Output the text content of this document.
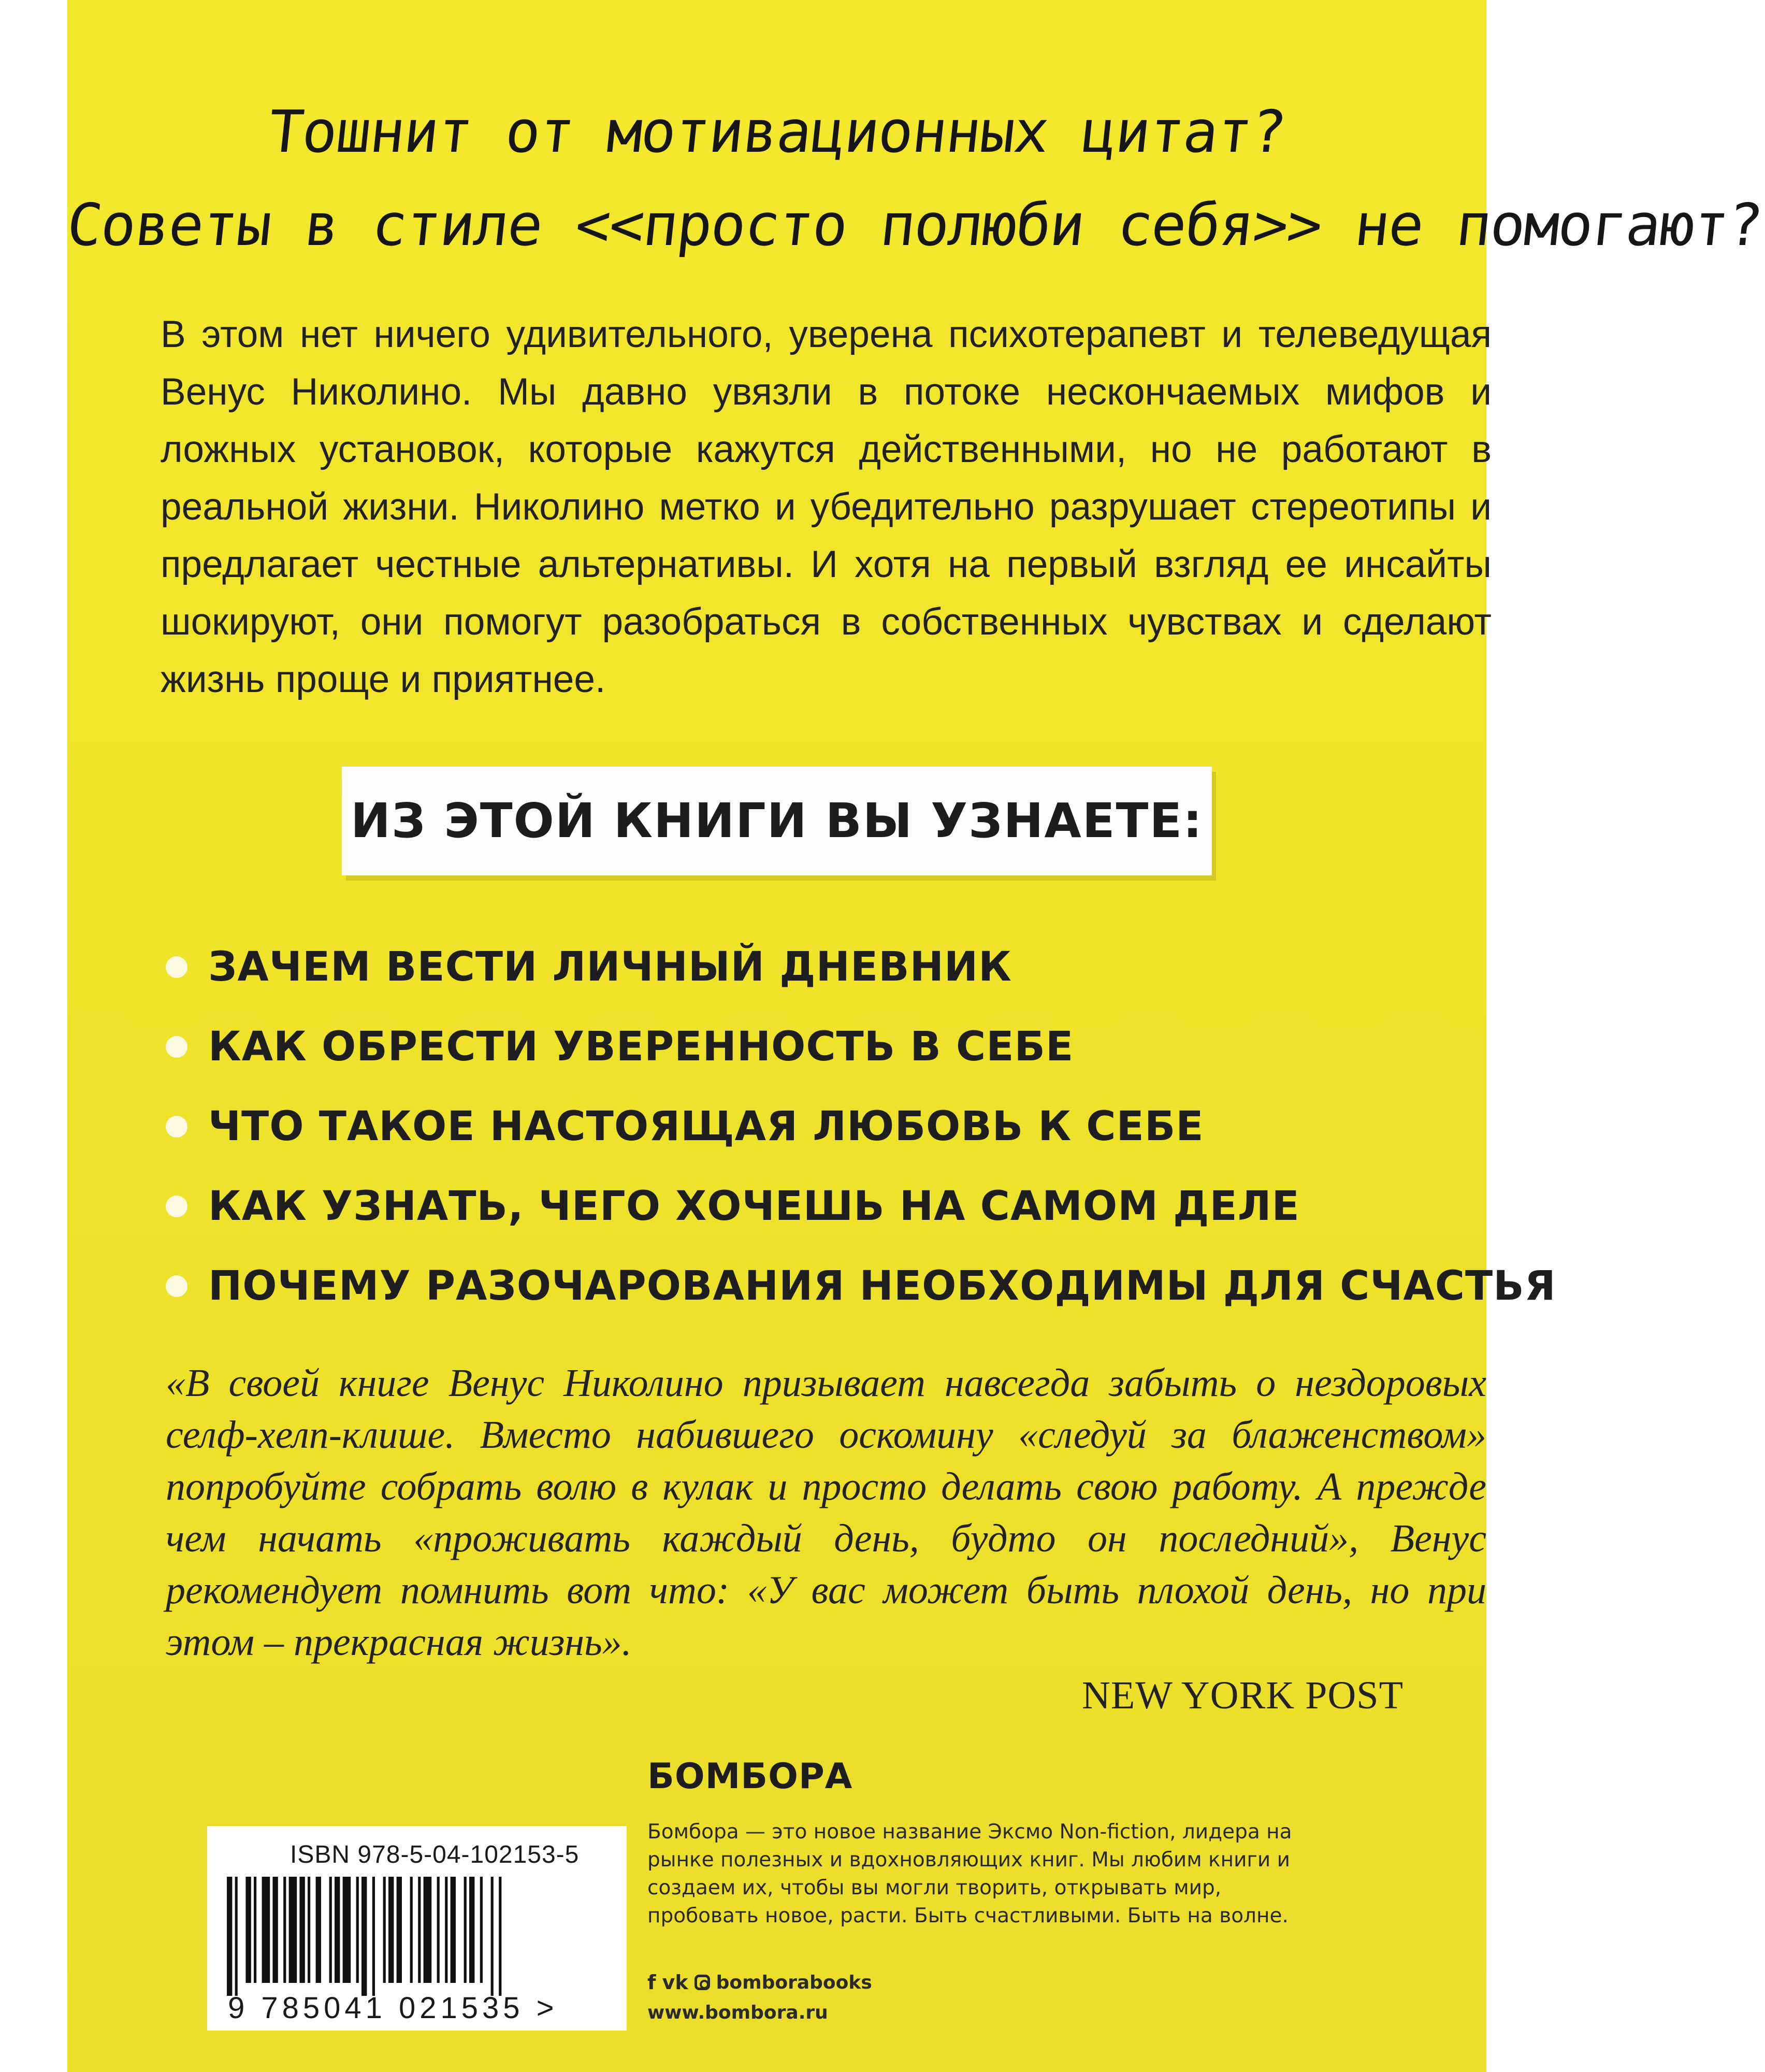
Тошнит от мотивационных цитат?
Советы в стиле <<просто полюби себя>> не помогают?
В этом нет ничего удивительного, уверена психотерапевт и телеведущая Венус Николино. Мы давно увязли в потоке нескончаемых мифов и ложных установок, которые кажутся действенными, но не работают в реальной жизни. Николино метко и убедительно разрушает стереотипы и предлагает честные альтернативы. И хотя на первый взгляд ее инсайты шокируют, они помогут разобраться в собственных чувствах и сделают жизнь проще и приятнее.
ИЗ ЭТОЙ КНИГИ ВЫ УЗНАЕТЕ:
ЗАЧЕМ ВЕСТИ ЛИЧНЫЙ ДНЕВНИК
КАК ОБРЕСТИ УВЕРЕННОСТЬ В СЕБЕ
ЧТО ТАКОЕ НАСТОЯЩАЯ ЛЮБОВЬ К СЕБЕ
КАК УЗНАТЬ, ЧЕГО ХОЧЕШЬ НА САМОМ ДЕЛЕ
ПОЧЕМУ РАЗОЧАРОВАНИЯ НЕОБХОДИМЫ ДЛЯ СЧАСТЬЯ
«В своей книге Венус Николино призывает навсегда забыть о нездоровых селф-хелп-клише. Вместо набившего оскомину «следуй за блаженством» попробуйте собрать волю в кулак и просто делать свою работу. А прежде чем начать «проживать каждый день, будто он последний», Венус рекомендует помнить вот что: «У вас может быть плохой день, но при этом – прекрасная жизнь».
NEW YORK POST
БОМБОРА
Бомбора — это новое название Эксмо Non-fiction, лидера на рынке полезных и вдохновляющих книг. Мы любим книги и создаем их, чтобы вы могли творить, открывать мир, пробовать новое, расти. Быть счастливыми. Быть на волне.
f vk bomborabooks
www.bombora.ru
ISBN 978-5-04-102153-5
9 785041 021535 >
